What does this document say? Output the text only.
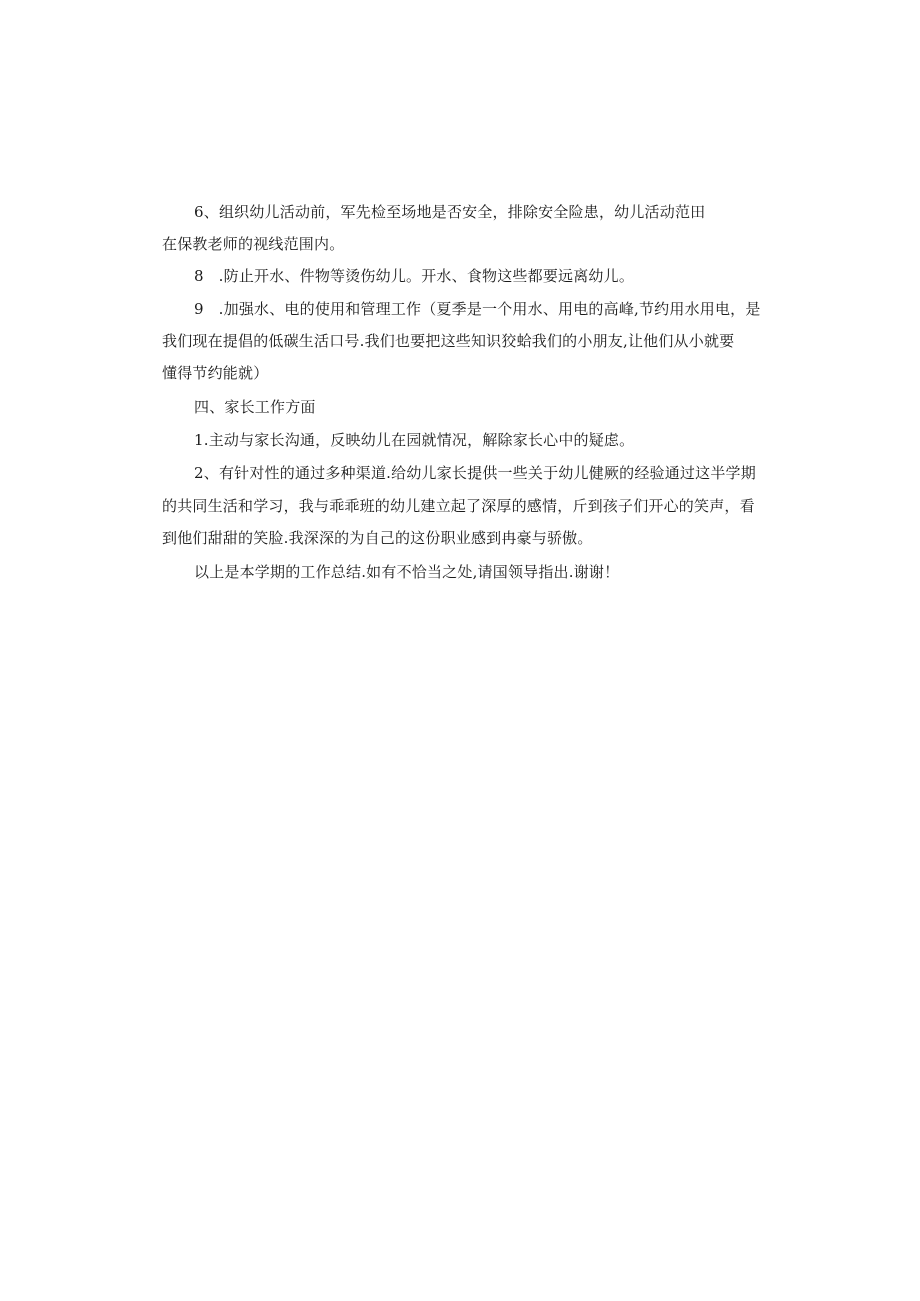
6、组织幼儿活动前，军先检至场地是否安全，排除安全险患，幼儿活动范田
在保教老师的视线范围内。
8   .防止开水、件物等烫伤幼儿。开水、食物这些都要远离幼儿。
9   .加强水、电的使用和管理工作（夏季是一个用水、用电的高峰,节约用水用电，是
我们现在提倡的低碳生活口号.我们也要把这些知识狡蛤我们的小朋友,让他们从小就要
懂得节约能就）
四、家长工作方面
1.主动与家长沟通，反映幼儿在园就情况，解除家长心中的疑虑。
2、有针对性的通过多种渠道.给幼儿家长提供一些关于幼儿健厥的经验通过这半学期
的共同生活和学习，我与乖乖班的幼儿建立起了深厚的感情，斤到孩子们开心的笑声，看
到他们甜甜的笑脸.我深深的为自己的这份职业感到冉豪与骄傲。
以上是本学期的工作总结.如有不恰当之处,请国领导指出.谢谢！
